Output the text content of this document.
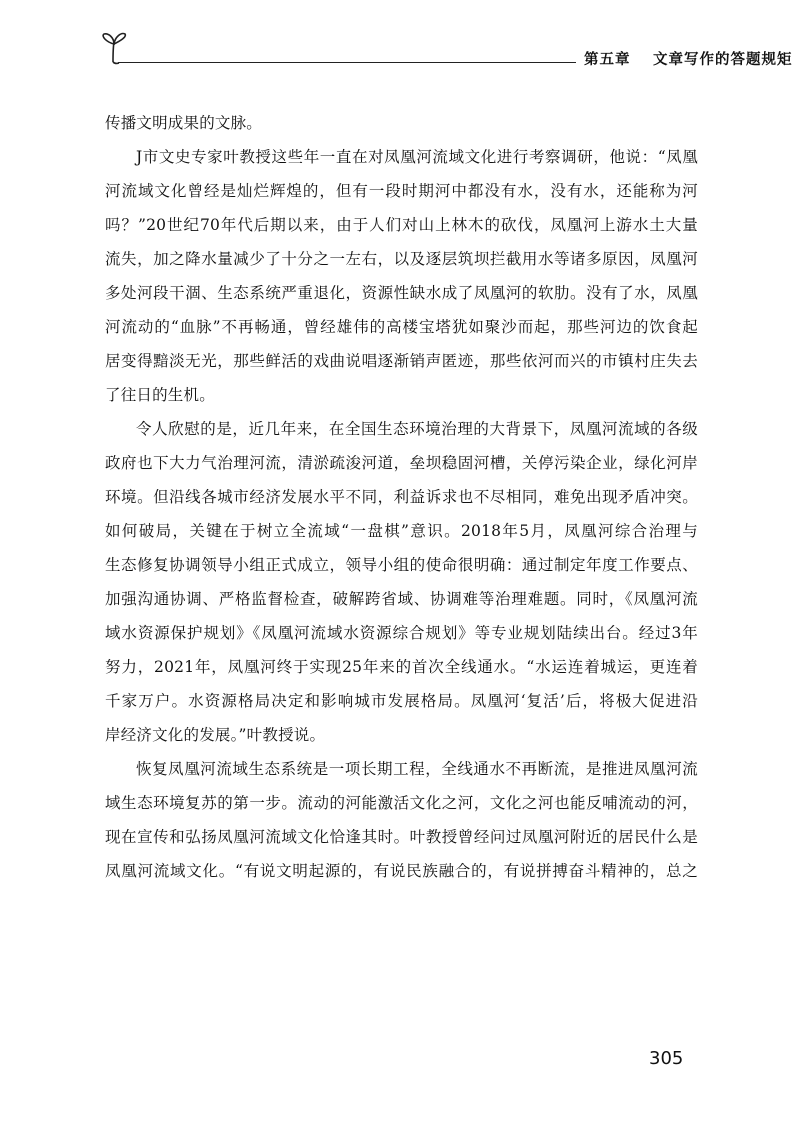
第五章 文章写作的答题规矩
传播文明成果的文脉。
J市文史专家叶教授这些年一直在对凤凰河流域文化进行考察调研，他说：“凤凰
河流域文化曾经是灿烂辉煌的，但有一段时期河中都没有水，没有水，还能称为河
吗？”20世纪70年代后期以来，由于人们对山上林木的砍伐，凤凰河上游水土大量
流失，加之降水量减少了十分之一左右，以及逐层筑坝拦截用水等诸多原因，凤凰河
多处河段干涸、生态系统严重退化，资源性缺水成了凤凰河的软肋。没有了水，凤凰
河流动的“血脉”不再畅通，曾经雄伟的高楼宝塔犹如聚沙而起，那些河边的饮食起
居变得黯淡无光，那些鲜活的戏曲说唱逐渐销声匿迹，那些依河而兴的市镇村庄失去
了往日的生机。
令人欣慰的是，近几年来，在全国生态环境治理的大背景下，凤凰河流域的各级
政府也下大力气治理河流，清淤疏浚河道，垒坝稳固河槽，关停污染企业，绿化河岸
环境。但沿线各城市经济发展水平不同，利益诉求也不尽相同，难免出现矛盾冲突。
如何破局，关键在于树立全流域“一盘棋”意识。2018年5月，凤凰河综合治理与
生态修复协调领导小组正式成立，领导小组的使命很明确：通过制定年度工作要点、
加强沟通协调、严格监督检查，破解跨省域、协调难等治理难题。同时，《凤凰河流
域水资源保护规划》《凤凰河流域水资源综合规划》等专业规划陆续出台。经过3年
努力，2021年，凤凰河终于实现25年来的首次全线通水。“水运连着城运，更连着
千家万户。水资源格局决定和影响城市发展格局。凤凰河‘复活’后，将极大促进沿
岸经济文化的发展。”叶教授说。
恢复凤凰河流域生态系统是一项长期工程，全线通水不再断流，是推进凤凰河流
域生态环境复苏的第一步。流动的河能激活文化之河，文化之河也能反哺流动的河，
现在宣传和弘扬凤凰河流域文化恰逢其时。叶教授曾经问过凤凰河附近的居民什么是
凤凰河流域文化。“有说文明起源的，有说民族融合的，有说拼搏奋斗精神的，总之
305
